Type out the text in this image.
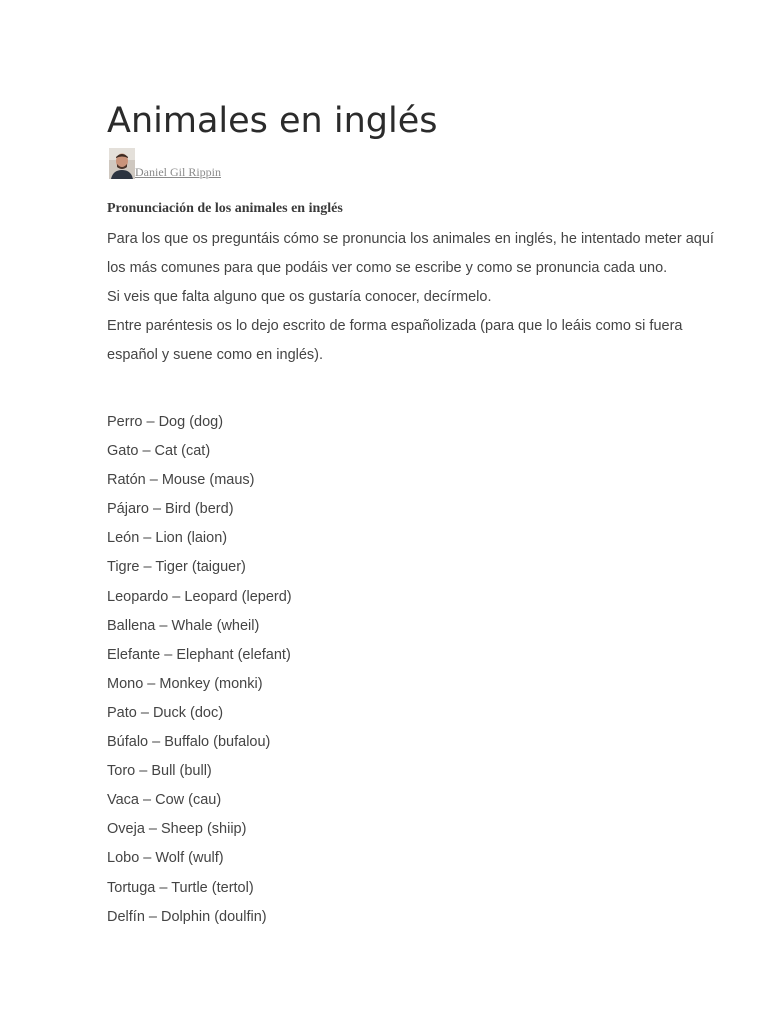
Animales en inglés
Daniel Gil Rippin
Pronunciación de los animales en inglés

Para los que os preguntáis cómo se pronuncia los animales en inglés, he intentado meter aquí los más comunes para que podáis ver como se escribe y como se pronuncia cada uno.

Si veis que falta alguno que os gustaría conocer, decírmelo.

Entre paréntesis os lo dejo escrito de forma españolizada (para que lo leáis como si fuera español y suene como en inglés).

Perro – Dog (dog)
Gato – Cat (cat)
Ratón – Mouse (maus)
Pájaro – Bird (berd)
León – Lion (laion)
Tigre – Tiger (taiguer)
Leopardo – Leopard (leperd)
Ballena – Whale (wheil)
Elefante – Elephant (elefant)
Mono – Monkey (monki)
Pato – Duck (doc)
Búfalo – Buffalo (bufalou)
Toro – Bull (bull)
Vaca – Cow (cau)
Oveja – Sheep (shiip)
Lobo – Wolf (wulf)
Tortuga – Turtle (tertol)
Delfín – Dolphin (doulfin)
